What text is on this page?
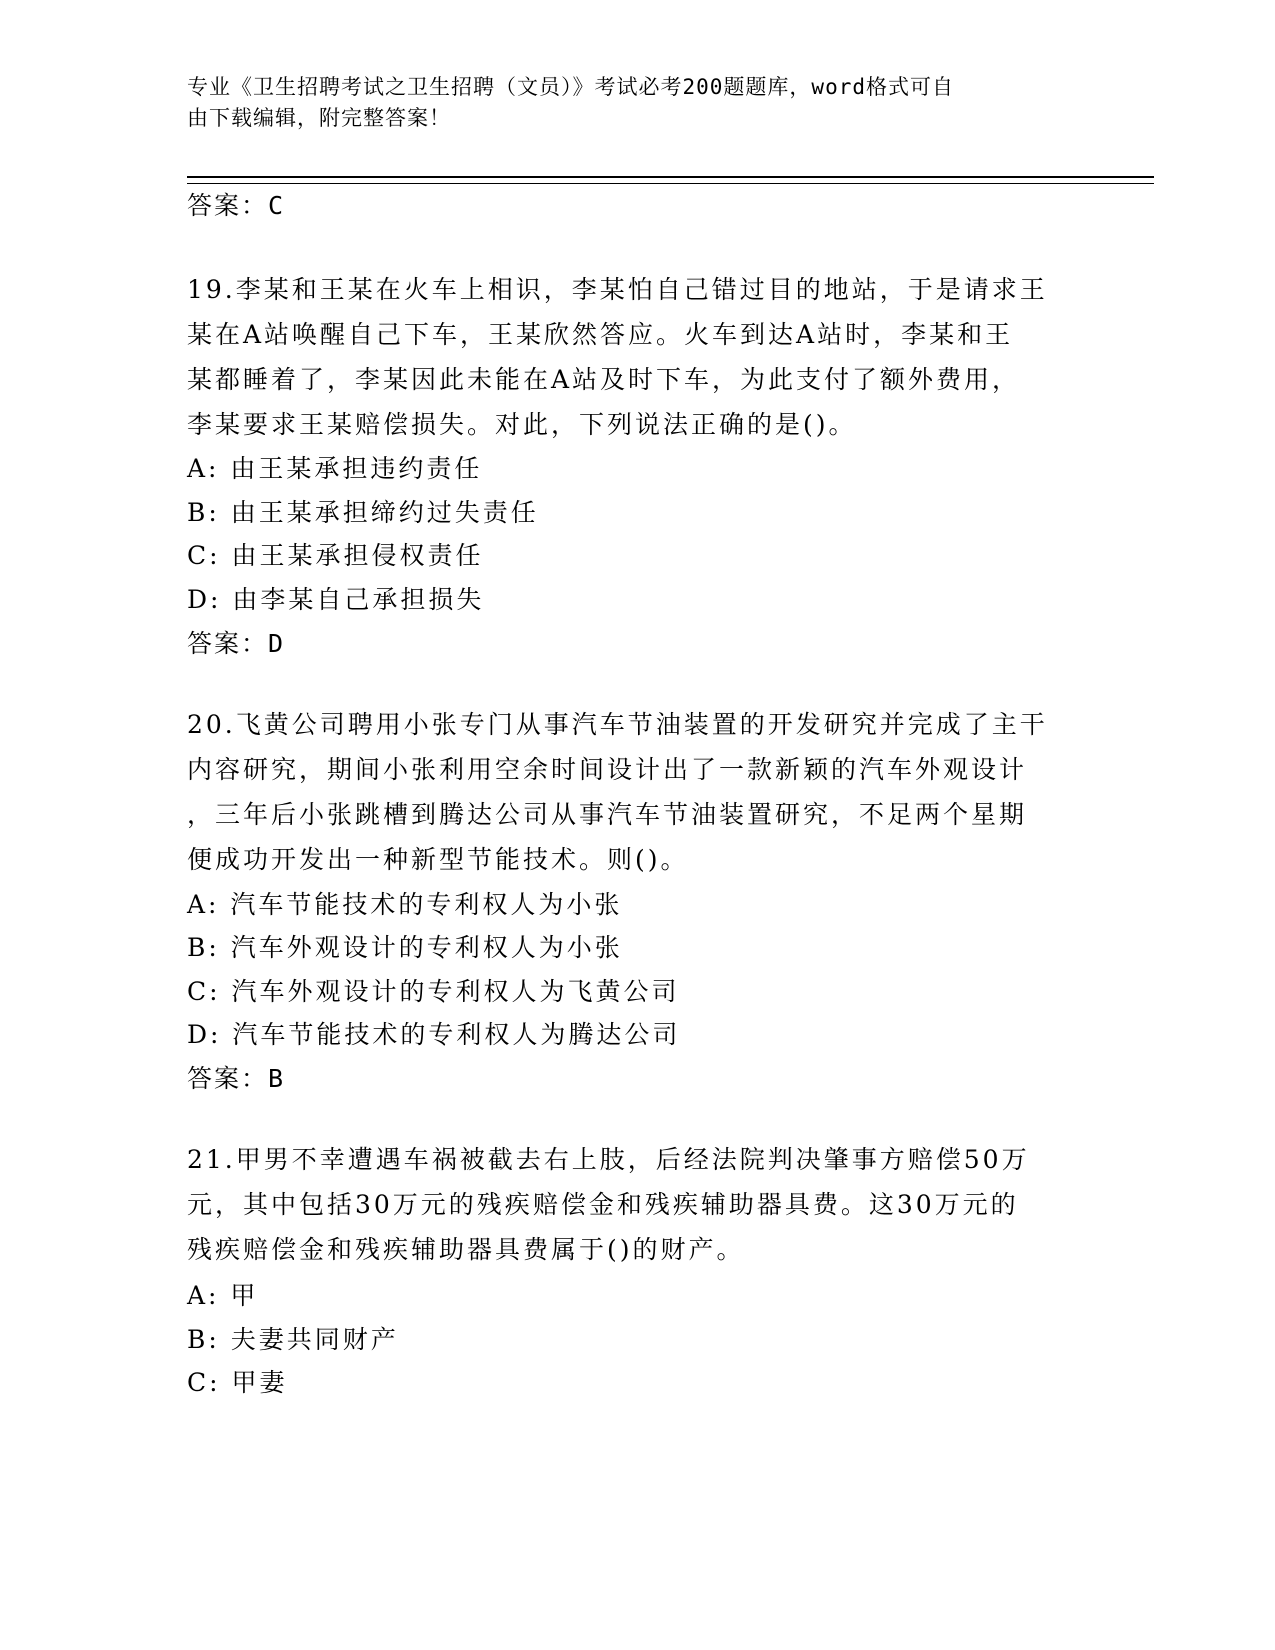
专业《卫生招聘考试之卫生招聘（文员）》考试必考200题题库，word格式可自
由下载编辑，附完整答案！
答案：C
19.李某和王某在火车上相识，李某怕自己错过目的地站，于是请求王
某在A站唤醒自己下车，王某欣然答应。火车到达A站时，李某和王
某都睡着了，李某因此未能在A站及时下车，为此支付了额外费用，
李某要求王某赔偿损失。对此，下列说法正确的是()。
A: 由王某承担违约责任
B: 由王某承担缔约过失责任
C: 由王某承担侵权责任
D: 由李某自己承担损失
答案：D
20.飞黄公司聘用小张专门从事汽车节油装置的开发研究并完成了主干
内容研究，期间小张利用空余时间设计出了一款新颖的汽车外观设计
，三年后小张跳槽到腾达公司从事汽车节油装置研究，不足两个星期
便成功开发出一种新型节能技术。则()。
A: 汽车节能技术的专利权人为小张
B: 汽车外观设计的专利权人为小张
C: 汽车外观设计的专利权人为飞黄公司
D: 汽车节能技术的专利权人为腾达公司
答案：B
21.甲男不幸遭遇车祸被截去右上肢，后经法院判决肇事方赔偿50万
元，其中包括30万元的残疾赔偿金和残疾辅助器具费。这30万元的
残疾赔偿金和残疾辅助器具费属于()的财产。
A: 甲
B: 夫妻共同财产
C: 甲妻
